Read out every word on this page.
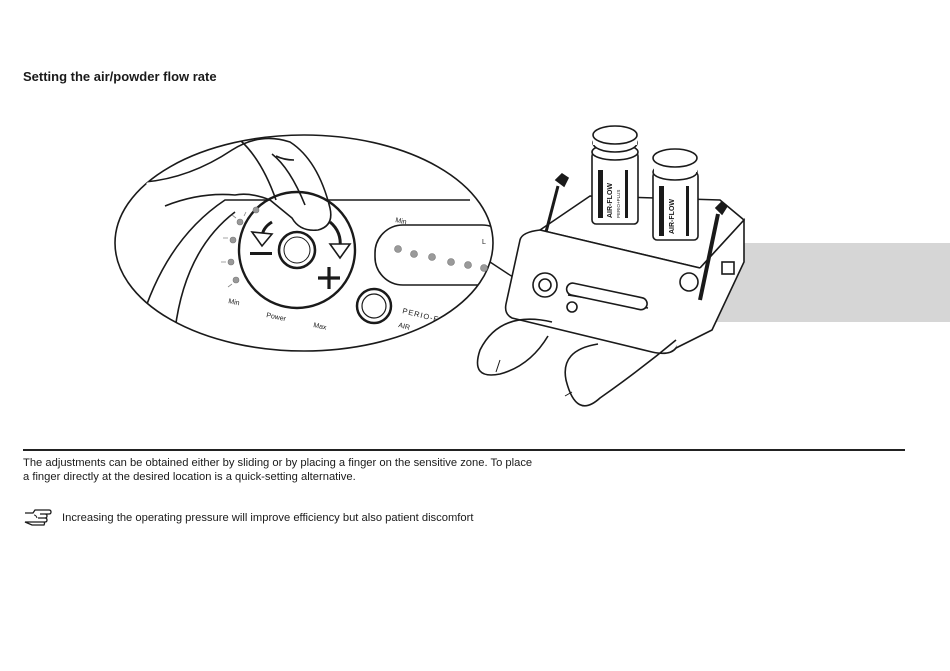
Setting the air/powder flow rate
Min
Power
Max
Min
L
PERIO-F
AIR
AIR-FLOW PERIO+PLUS	AIR-FLOW
The adjustments can be obtained either by sliding or by placing a finger on the sensitive zone. To place
a finger directly at the desired location is a quick-setting alternative.
Increasing the operating pressure will improve efficiency but also patient discomfort
